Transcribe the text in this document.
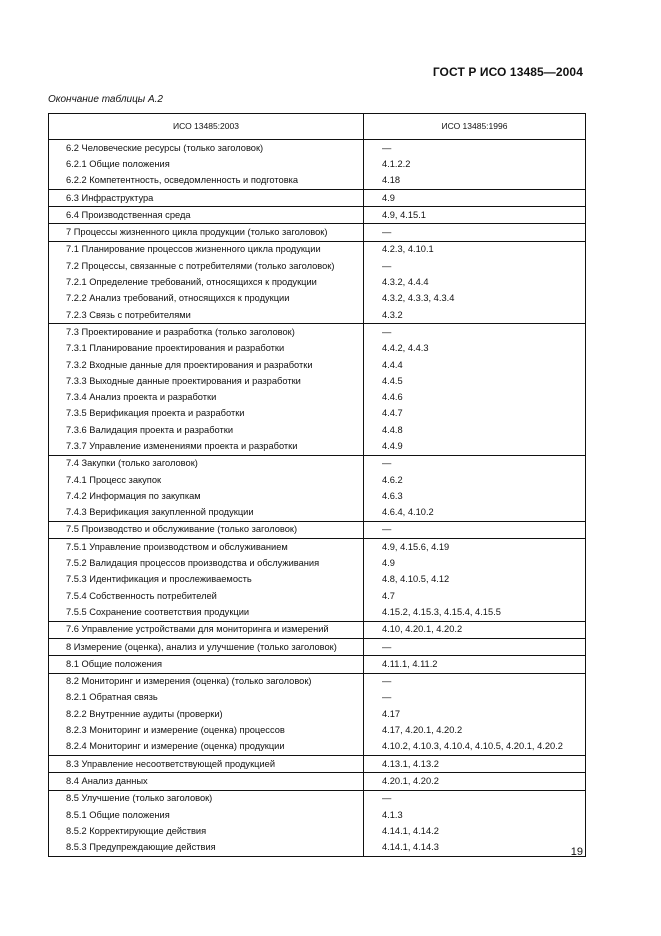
ГОСТ Р ИСО 13485—2004
Окончание таблицы А.2
ИСО 13485:2003	ИСО 13485:1996
6.2 Человеческие ресурсы (только заголовок)	—
6.2.1 Общие положения	4.1.2.2
6.2.2 Компетентность, осведомленность и подготовка	4.18
6.3 Инфраструктура	4.9
6.4 Производственная среда	4.9, 4.15.1
7 Процессы жизненного цикла продукции (только заголовок)	—
7.1 Планирование процессов жизненного цикла продукции	4.2.3, 4.10.1
7.2 Процессы, связанные с потребителями (только заголовок)	—
7.2.1 Определение требований, относящихся к продукции	4.3.2, 4.4.4
7.2.2 Анализ требований, относящихся к продукции	4.3.2, 4.3.3, 4.3.4
7.2.3 Связь с потребителями	4.3.2
7.3 Проектирование и разработка (только заголовок)	—
7.3.1 Планирование проектирования и разработки	4.4.2, 4.4.3
7.3.2 Входные данные для проектирования и разработки	4.4.4
7.3.3 Выходные данные проектирования и разработки	4.4.5
7.3.4 Анализ проекта и разработки	4.4.6
7.3.5 Верификация проекта и разработки	4.4.7
7.3.6 Валидация проекта и разработки	4.4.8
7.3.7 Управление изменениями проекта и разработки	4.4.9
7.4 Закупки (только заголовок)	—
7.4.1 Процесс закупок	4.6.2
7.4.2 Информация по закупкам	4.6.3
7.4.3 Верификация закупленной продукции	4.6.4, 4.10.2
7.5 Производство и обслуживание (только заголовок)	—
7.5.1 Управление производством и обслуживанием	4.9, 4.15.6, 4.19
7.5.2 Валидация процессов производства и обслуживания	4.9
7.5.3 Идентификация и прослеживаемость	4.8, 4.10.5, 4.12
7.5.4 Собственность потребителей	4.7
7.5.5 Сохранение соответствия продукции	4.15.2, 4.15.3, 4.15.4, 4.15.5
7.6 Управление устройствами для мониторинга и измерений	4.10, 4.20.1, 4.20.2
8 Измерение (оценка), анализ и улучшение (только заголовок)	—
8.1 Общие положения	4.11.1, 4.11.2
8.2 Мониторинг и измерения (оценка) (только заголовок)	—
8.2.1 Обратная связь	—
8.2.2 Внутренние аудиты (проверки)	4.17
8.2.3 Мониторинг и измерение (оценка) процессов	4.17, 4.20.1, 4.20.2
8.2.4 Мониторинг и измерение (оценка) продукции	4.10.2, 4.10.3, 4.10.4, 4.10.5, 4.20.1, 4.20.2
8.3 Управление несоответствующей продукцией	4.13.1, 4.13.2
8.4 Анализ данных	4.20.1, 4.20.2
8.5 Улучшение (только заголовок)	—
8.5.1 Общие положения	4.1.3
8.5.2 Корректирующие действия	4.14.1, 4.14.2
8.5.3 Предупреждающие действия	4.14.1, 4.14.3	19
